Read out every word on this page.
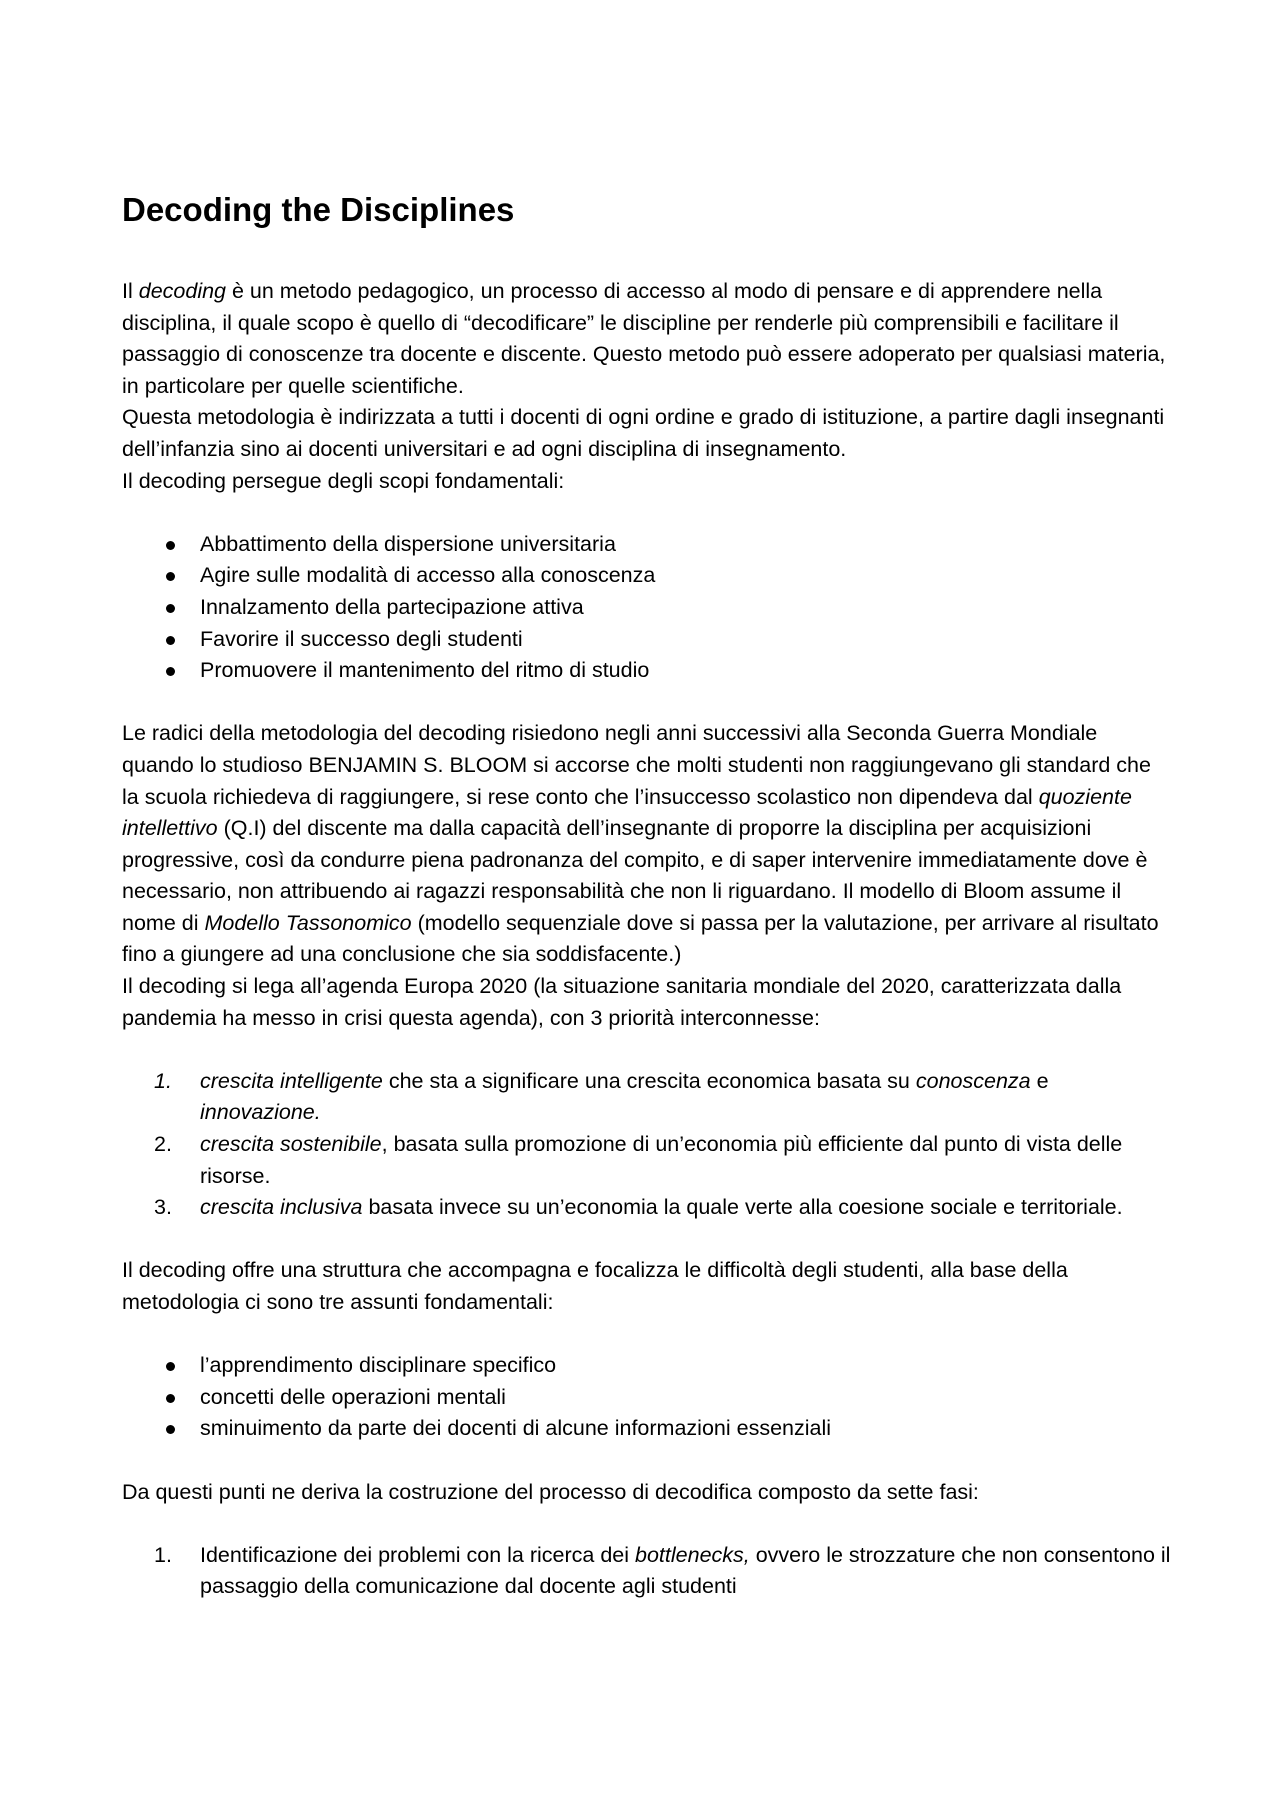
Decoding the Disciplines

Il decoding è un metodo pedagogico, un processo di accesso al modo di pensare e di apprendere nella disciplina, il quale scopo è quello di “decodificare” le discipline per renderle più comprensibili e facilitare il passaggio di conoscenze tra docente e discente. Questo metodo può essere adoperato per qualsiasi materia, in particolare per quelle scientifiche.

Questa metodologia è indirizzata a tutti i docenti di ogni ordine e grado di istituzione, a partire dagli insegnanti dell’infanzia sino ai docenti universitari e ad ogni disciplina di insegnamento.

Il decoding persegue degli scopi fondamentali:

Abbattimento della dispersione universitaria
Agire sulle modalità di accesso alla conoscenza
Innalzamento della partecipazione attiva
Favorire il successo degli studenti
Promuovere il mantenimento del ritmo di studio

Le radici della metodologia del decoding risiedono negli anni successivi alla Seconda Guerra Mondiale quando lo studioso BENJAMIN S. BLOOM si accorse che molti studenti non raggiungevano gli standard che la scuola richiedeva di raggiungere, si rese conto che l’insuccesso scolastico non dipendeva dal quoziente intellettivo (Q.I) del discente ma dalla capacità dell’insegnante di proporre la disciplina per acquisizioni progressive, così da condurre piena padronanza del compito, e di saper intervenire immediatamente dove è necessario, non attribuendo ai ragazzi responsabilità che non li riguardano. Il modello di Bloom assume il nome di Modello Tassonomico (modello sequenziale dove si passa per la valutazione, per arrivare al risultato fino a giungere ad una conclusione che sia soddisfacente.)

Il decoding si lega all’agenda Europa 2020 (la situazione sanitaria mondiale del 2020, caratterizzata dalla pandemia ha messo in crisi questa agenda), con 3 priorità interconnesse:

1. crescita intelligente che sta a significare una crescita economica basata su conoscenza e innovazione.
2. crescita sostenibile, basata sulla promozione di un’economia più efficiente dal punto di vista delle risorse.
3. crescita inclusiva basata invece su un’economia la quale verte alla coesione sociale e territoriale.

Il decoding offre una struttura che accompagna e focalizza le difficoltà degli studenti, alla base della metodologia ci sono tre assunti fondamentali:

l’apprendimento disciplinare specifico
concetti delle operazioni mentali
sminuimento da parte dei docenti di alcune informazioni essenziali

Da questi punti ne deriva la costruzione del processo di decodifica composto da sette fasi:

1. Identificazione dei problemi con la ricerca dei bottlenecks, ovvero le strozzature che non consentono il passaggio della comunicazione dal docente agli studenti
